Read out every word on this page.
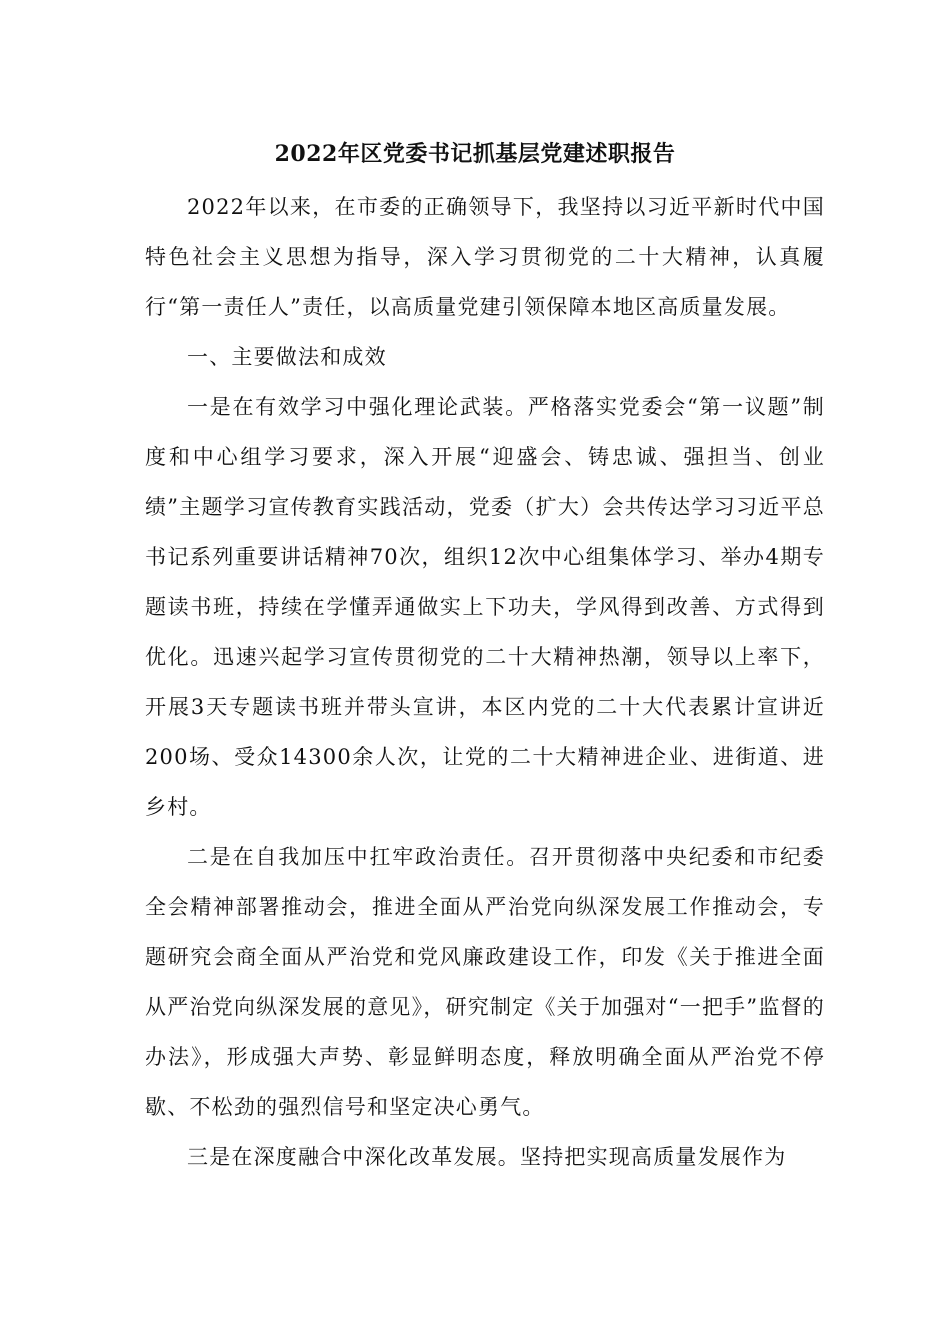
2022年区党委书记抓基层党建述职报告

2022年以来，在市委的正确领导下，我坚持以习近平新时代中国特色社会主义思想为指导，深入学习贯彻党的二十大精神，认真履行“第一责任人”责任，以高质量党建引领保障本地区高质量发展。

一、主要做法和成效

一是在有效学习中强化理论武装。严格落实党委会“第一议题”制度和中心组学习要求，深入开展“迎盛会、铸忠诚、强担当、创业绩”主题学习宣传教育实践活动，党委（扩大）会共传达学习习近平总书记系列重要讲话精神70次，组织12次中心组集体学习、举办4期专题读书班，持续在学懂弄通做实上下功夫，学风得到改善、方式得到优化。迅速兴起学习宣传贯彻党的二十大精神热潮，领导以上率下，开展3天专题读书班并带头宣讲，本区内党的二十大代表累计宣讲近200场、受众14300余人次，让党的二十大精神进企业、进街道、进乡村。

二是在自我加压中扛牢政治责任。召开贯彻落中央纪委和市纪委全会精神部署推动会，推进全面从严治党向纵深发展工作推动会，专题研究会商全面从严治党和党风廉政建设工作，印发《关于推进全面从严治党向纵深发展的意见》，研究制定《关于加强对“一把手”监督的办法》，形成强大声势、彰显鲜明态度，释放明确全面从严治党不停歇、不松劲的强烈信号和坚定决心勇气。

三是在深度融合中深化改革发展。坚持把实现高质量发展作为
